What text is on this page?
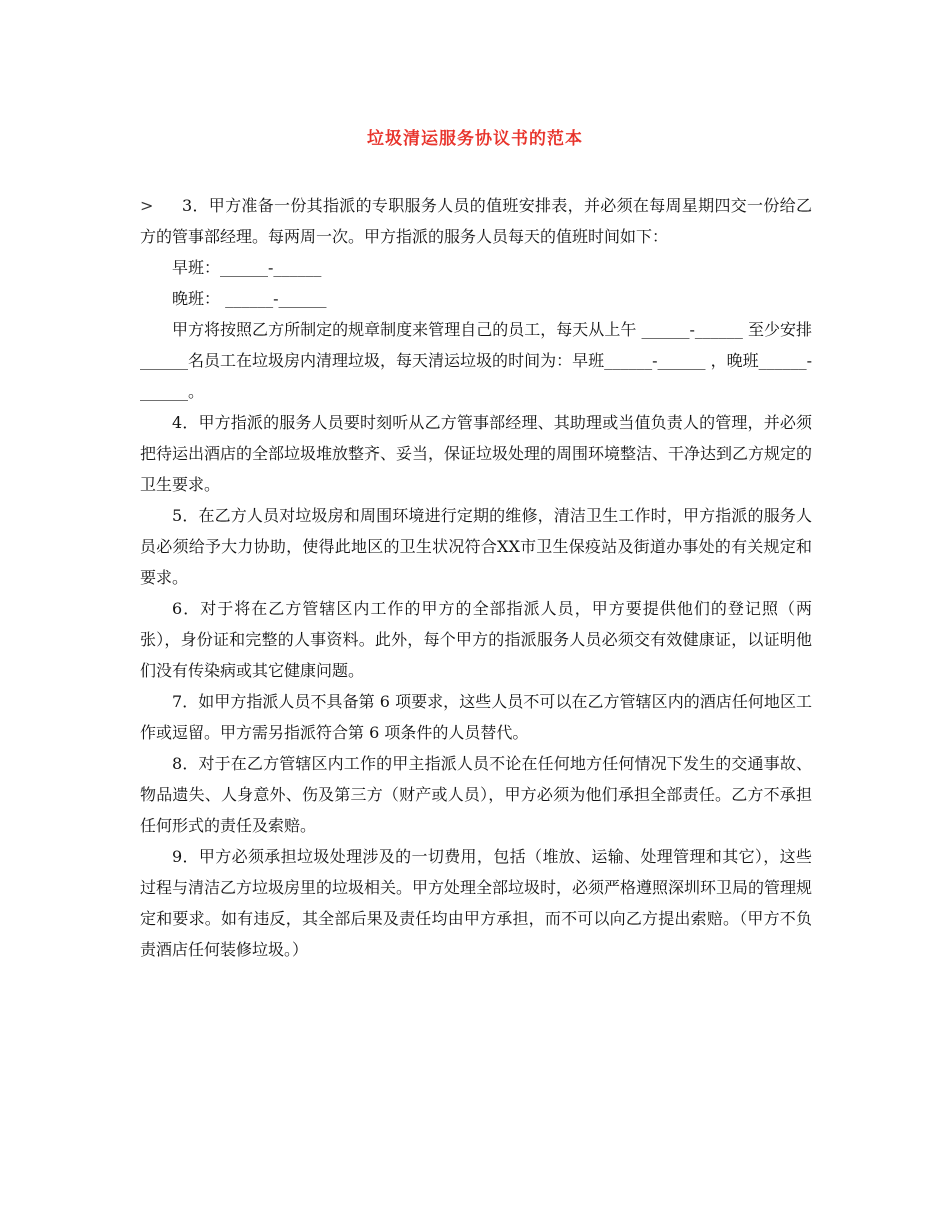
垃圾清运服务协议书的范本

> 3．甲方准备一份其指派的专职服务人员的值班安排表，并必须在每周星期四交一份给乙方的管事部经理。每两周一次。甲方指派的服务人员每天的值班时间如下：

早班：______-______

晚班： ______-______

甲方将按照乙方所制定的规章制度来管理自己的员工，每天从上午 ______-______ 至少安排______名员工在垃圾房内清理垃圾，每天清运垃圾的时间为：早班______-______ ，晚班______-______。

4．甲方指派的服务人员要时刻听从乙方管事部经理、其助理或当值负责人的管理，并必须把待运出酒店的全部垃圾堆放整齐、妥当，保证垃圾处理的周围环境整洁、干净达到乙方规定的卫生要求。

5．在乙方人员对垃圾房和周围环境进行定期的维修，清洁卫生工作时，甲方指派的服务人员必须给予大力协助，使得此地区的卫生状况符合XX市卫生保疫站及街道办事处的有关规定和要求。

6．对于将在乙方管辖区内工作的甲方的全部指派人员，甲方要提供他们的登记照（两张），身份证和完整的人事资料。此外，每个甲方的指派服务人员必须交有效健康证，以证明他们没有传染病或其它健康问题。

7．如甲方指派人员不具备第 6 项要求，这些人员不可以在乙方管辖区内的酒店任何地区工作或逗留。甲方需另指派符合第 6 项条件的人员替代。

8．对于在乙方管辖区内工作的甲主指派人员不论在任何地方任何情况下发生的交通事故、物品遗失、人身意外、伤及第三方（财产或人员），甲方必须为他们承担全部责任。乙方不承担任何形式的责任及索赔。

9．甲方必须承担垃圾处理涉及的一切费用，包括（堆放、运输、处理管理和其它），这些过程与清洁乙方垃圾房里的垃圾相关。甲方处理全部垃圾时，必须严格遵照深圳环卫局的管理规定和要求。如有违反，其全部后果及责任均由甲方承担，而不可以向乙方提出索赔。（甲方不负责酒店任何装修垃圾。）
